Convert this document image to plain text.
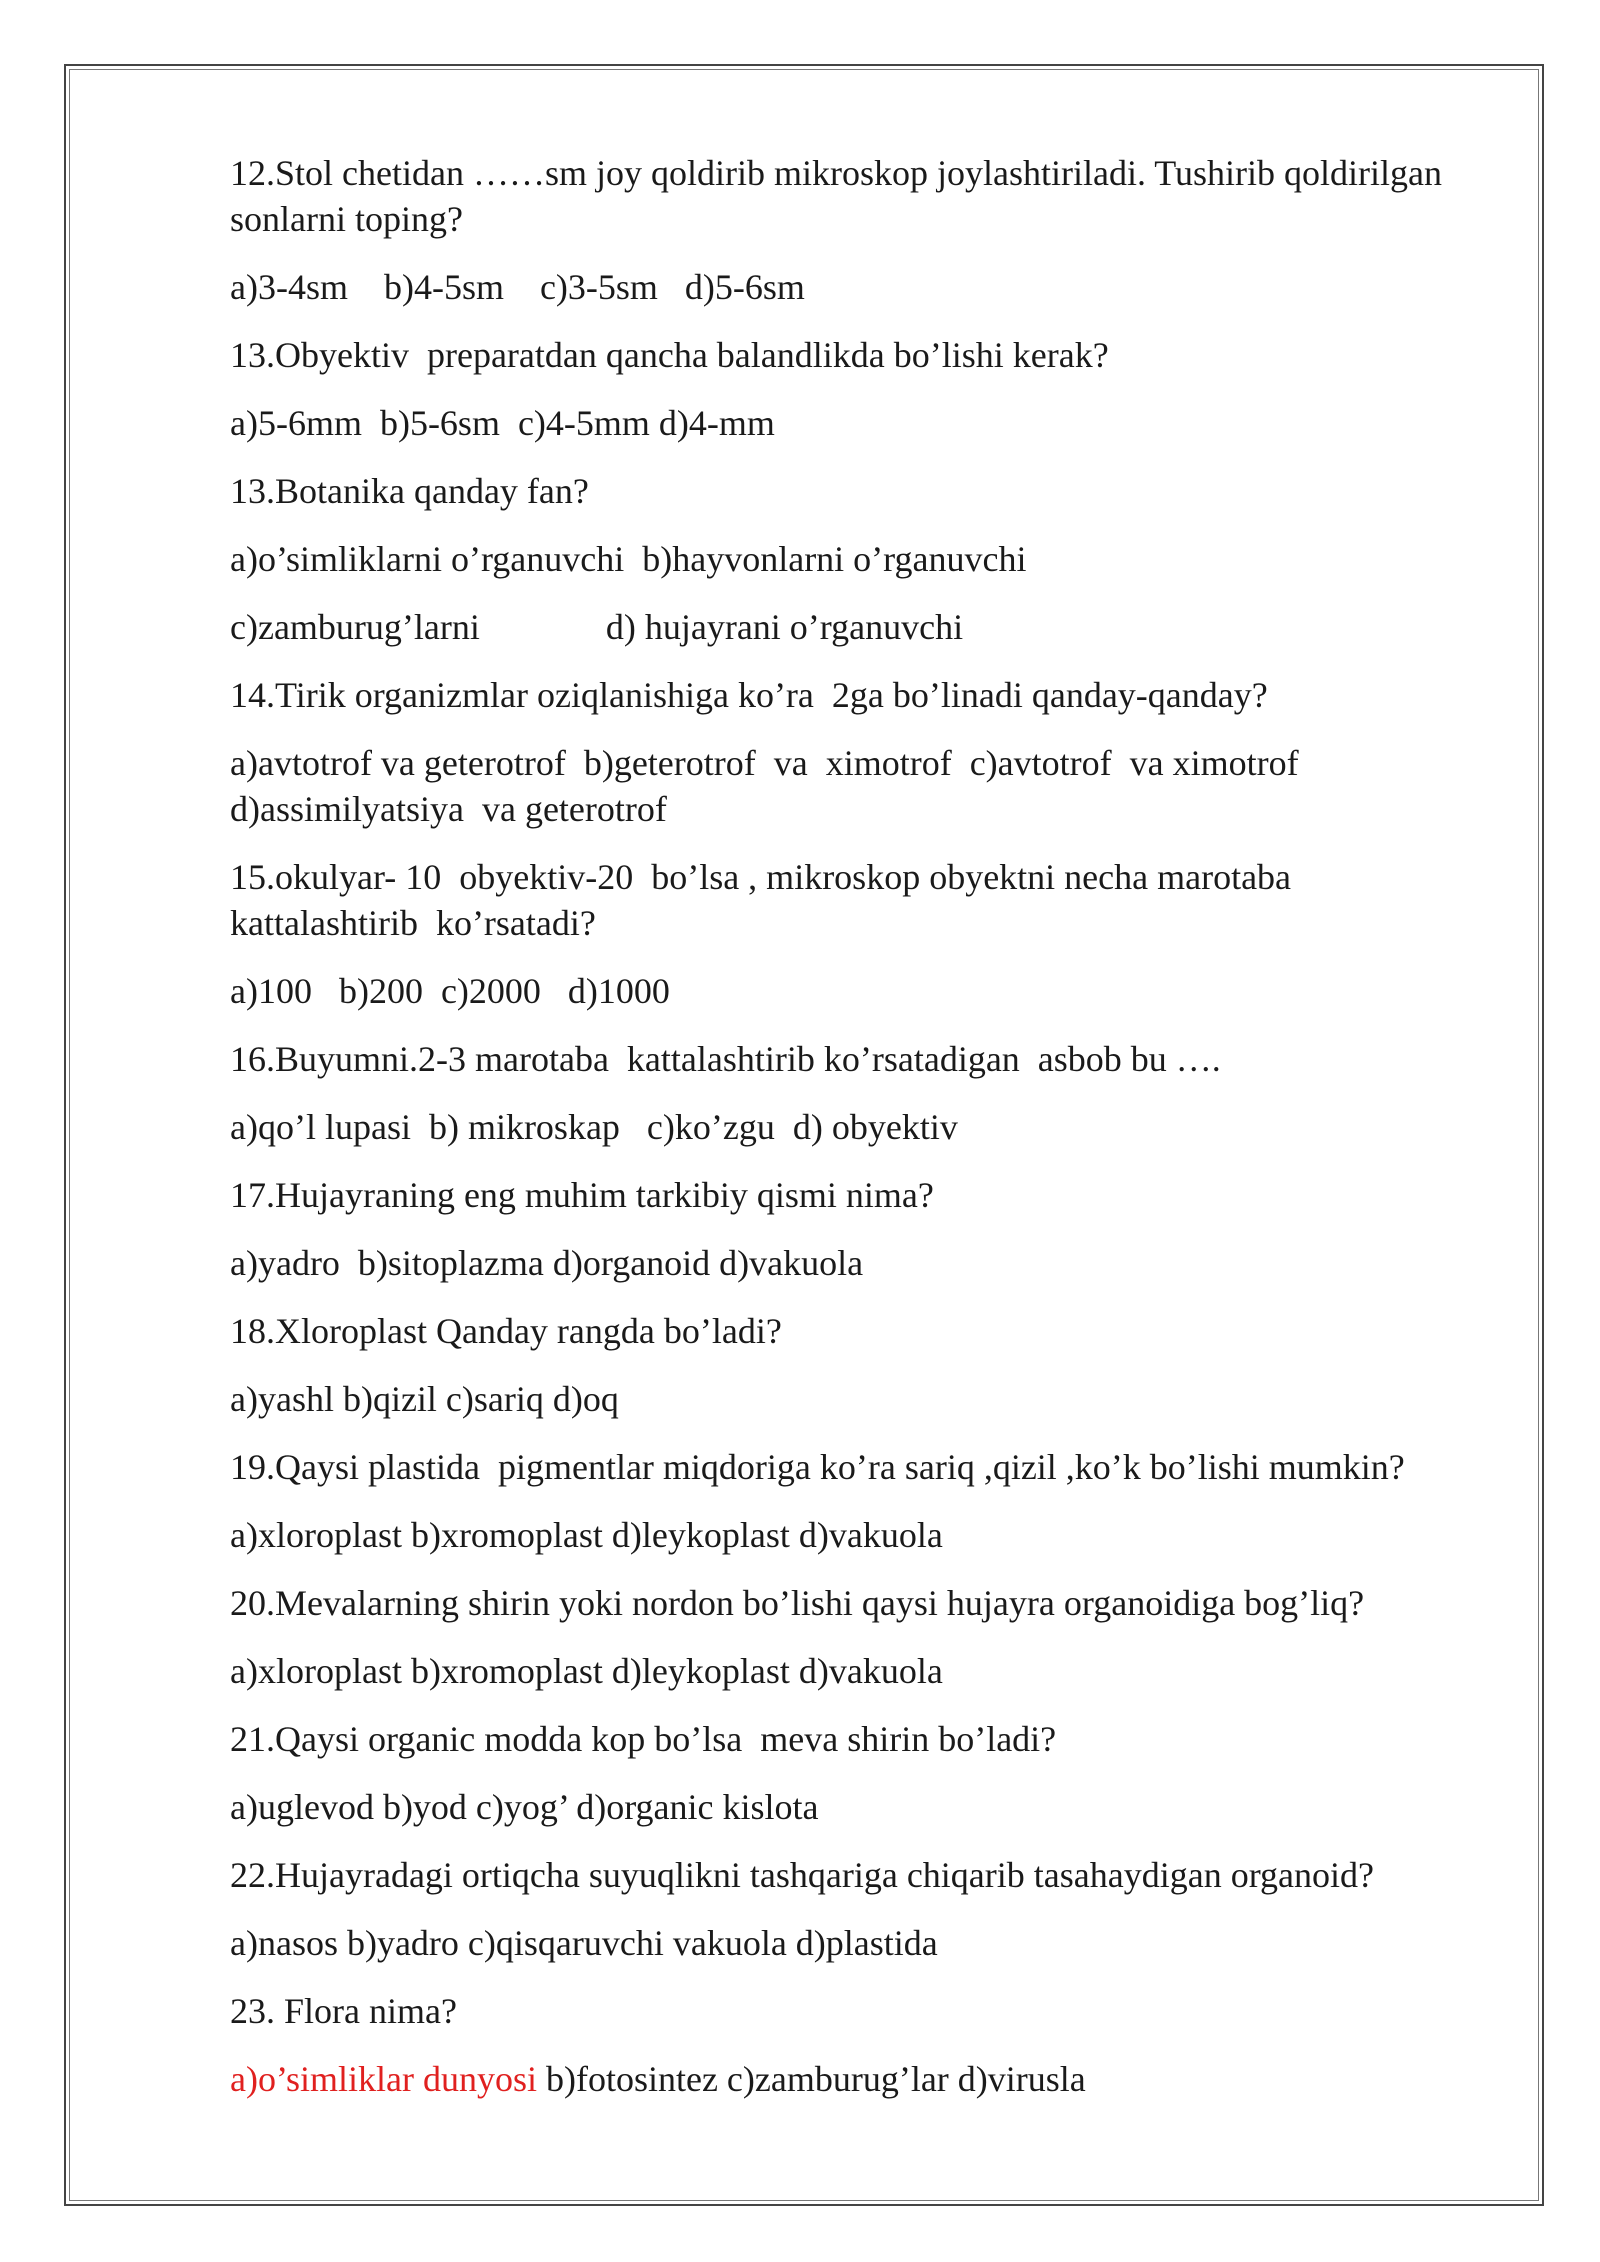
12.Stol chetidan ……sm joy qoldirib mikroskop joylashtiriladi. Tushirib qoldirilgan sonlarni toping?
a)3-4sm    b)4-5sm    c)3-5sm   d)5-6sm
13.Obyektiv  preparatdan qancha balandlikda bo’lishi kerak?
a)5-6mm  b)5-6sm  c)4-5mm d)4-mm
13.Botanika qanday fan?
a)o’simliklarni o’rganuvchi  b)hayvonlarni o’rganuvchi
c)zamburug’larni              d) hujayrani o’rganuvchi
14.Tirik organizmlar oziqlanishiga ko’ra  2ga bo’linadi qanday-qanday?
a)avtotrof va geterotrof  b)geterotrof  va  ximotrof  c)avtotrof  va ximotrof d)assimilyatsiya  va geterotrof
15.okulyar- 10  obyektiv-20  bo’lsa , mikroskop obyektni necha marotaba kattalashtirib  ko’rsatadi?
a)100   b)200  c)2000   d)1000
16.Buyumni.2-3 marotaba  kattalashtirib ko’rsatadigan  asbob bu ….
a)qo’l lupasi  b) mikroskap   c)ko’zgu  d) obyektiv
17.Hujayraning eng muhim tarkibiy qismi nima?
a)yadro  b)sitoplazma d)organoid d)vakuola
18.Xloroplast Qanday rangda bo’ladi?
a)yashl b)qizil c)sariq d)oq
19.Qaysi plastida  pigmentlar miqdoriga ko’ra sariq ,qizil ,ko’k bo’lishi mumkin?
a)xloroplast b)xromoplast d)leykoplast d)vakuola
20.Mevalarning shirin yoki nordon bo’lishi qaysi hujayra organoidiga bog’liq?
a)xloroplast b)xromoplast d)leykoplast d)vakuola
21.Qaysi organic modda kop bo’lsa  meva shirin bo’ladi?
a)uglevod b)yod c)yog’ d)organic kislota
22.Hujayradagi ortiqcha suyuqlikni tashqariga chiqarib tasahaydigan organoid?
a)nasos b)yadro c)qisqaruvchi vakuola d)plastida
23. Flora nima?
a)o’simliklar dunyosi b)fotosintez c)zamburug’lar d)virusla
